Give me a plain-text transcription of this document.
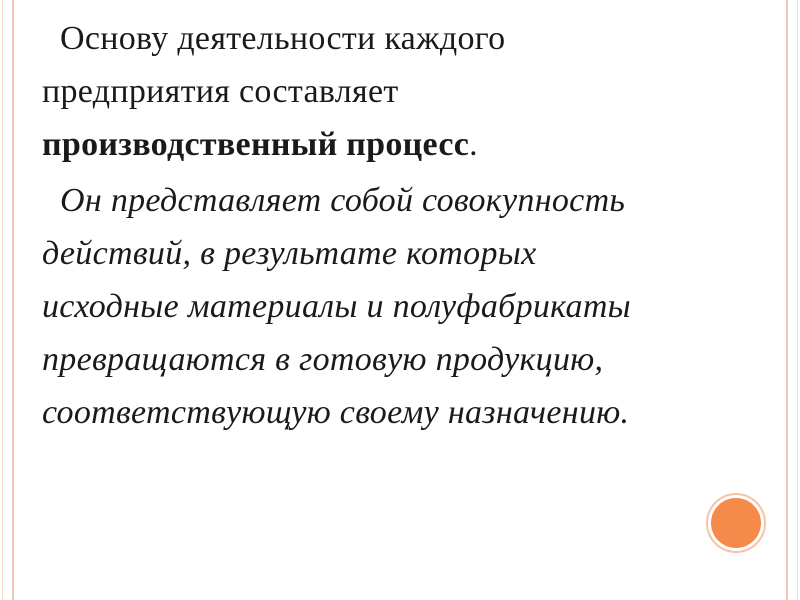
Основу деятельности каждого предприятия составляет производственный процесс.

Он представляет собой совокупность действий, в результате которых исходные материалы и полуфабрикаты превращаются в готовую продукцию, соответствующую своему назначению.
